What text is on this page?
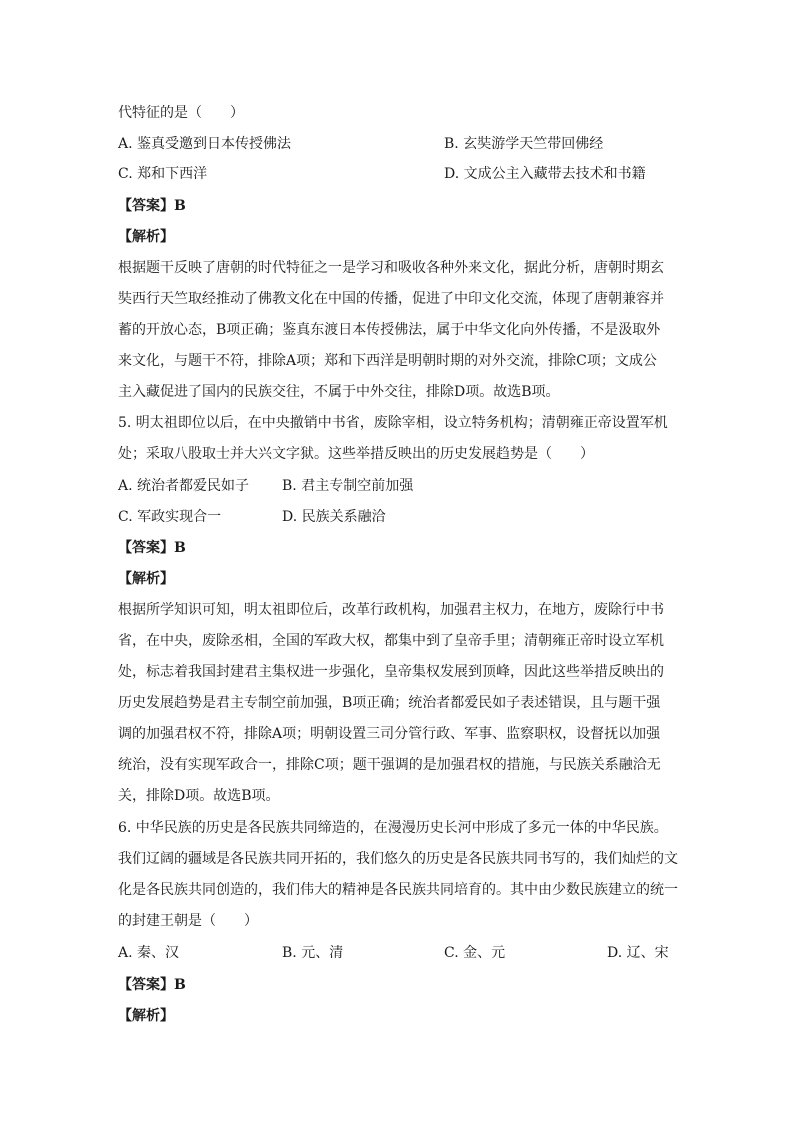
代特征的是（　　）
A. 鉴真受邀到日本传授佛法	B. 玄奘游学天竺带回佛经
C. 郑和下西洋	D. 文成公主入藏带去技术和书籍
【答案】B
【解析】
根据题干反映了唐朝的时代特征之一是学习和吸收各种外来文化，据此分析，唐朝时期玄
奘西行天竺取经推动了佛教文化在中国的传播，促进了中印文化交流，体现了唐朝兼容并
蓄的开放心态，B项正确；鉴真东渡日本传授佛法，属于中华文化向外传播，不是汲取外
来文化，与题干不符，排除A项；郑和下西洋是明朝时期的对外交流，排除C项；文成公
主入藏促进了国内的民族交往，不属于中外交往，排除D项。故选B项。
5. 明太祖即位以后，在中央撤销中书省，废除宰相，设立特务机构；清朝雍正帝设置军机
处；采取八股取士并大兴文字狱。这些举措反映出的历史发展趋势是（　　）
A. 统治者都爱民如子 B. 君主专制空前加强
C. 军政实现合一	D. 民族关系融洽
【答案】B
【解析】
根据所学知识可知，明太祖即位后，改革行政机构，加强君主权力，在地方，废除行中书
省，在中央，废除丞相，全国的军政大权，都集中到了皇帝手里；清朝雍正帝时设立军机
处，标志着我国封建君主集权进一步强化，皇帝集权发展到顶峰，因此这些举措反映出的
历史发展趋势是君主专制空前加强，B项正确；统治者都爱民如子表述错误，且与题干强
调的加强君权不符，排除A项；明朝设置三司分管行政、军事、监察职权，设督抚以加强
统治，没有实现军政合一，排除C项；题干强调的是加强君权的措施，与民族关系融洽无
关，排除D项。故选B项。
6. 中华民族的历史是各民族共同缔造的，在漫漫历史长河中形成了多元一体的中华民族。
我们辽阔的疆域是各民族共同开拓的，我们悠久的历史是各民族共同书写的，我们灿烂的文
化是各民族共同创造的，我们伟大的精神是各民族共同培育的。其中由少数民族建立的统一
的封建王朝是（　　）
A. 秦、汉	B. 元、清	C. 金、元	D. 辽、宋
【答案】B
【解析】
